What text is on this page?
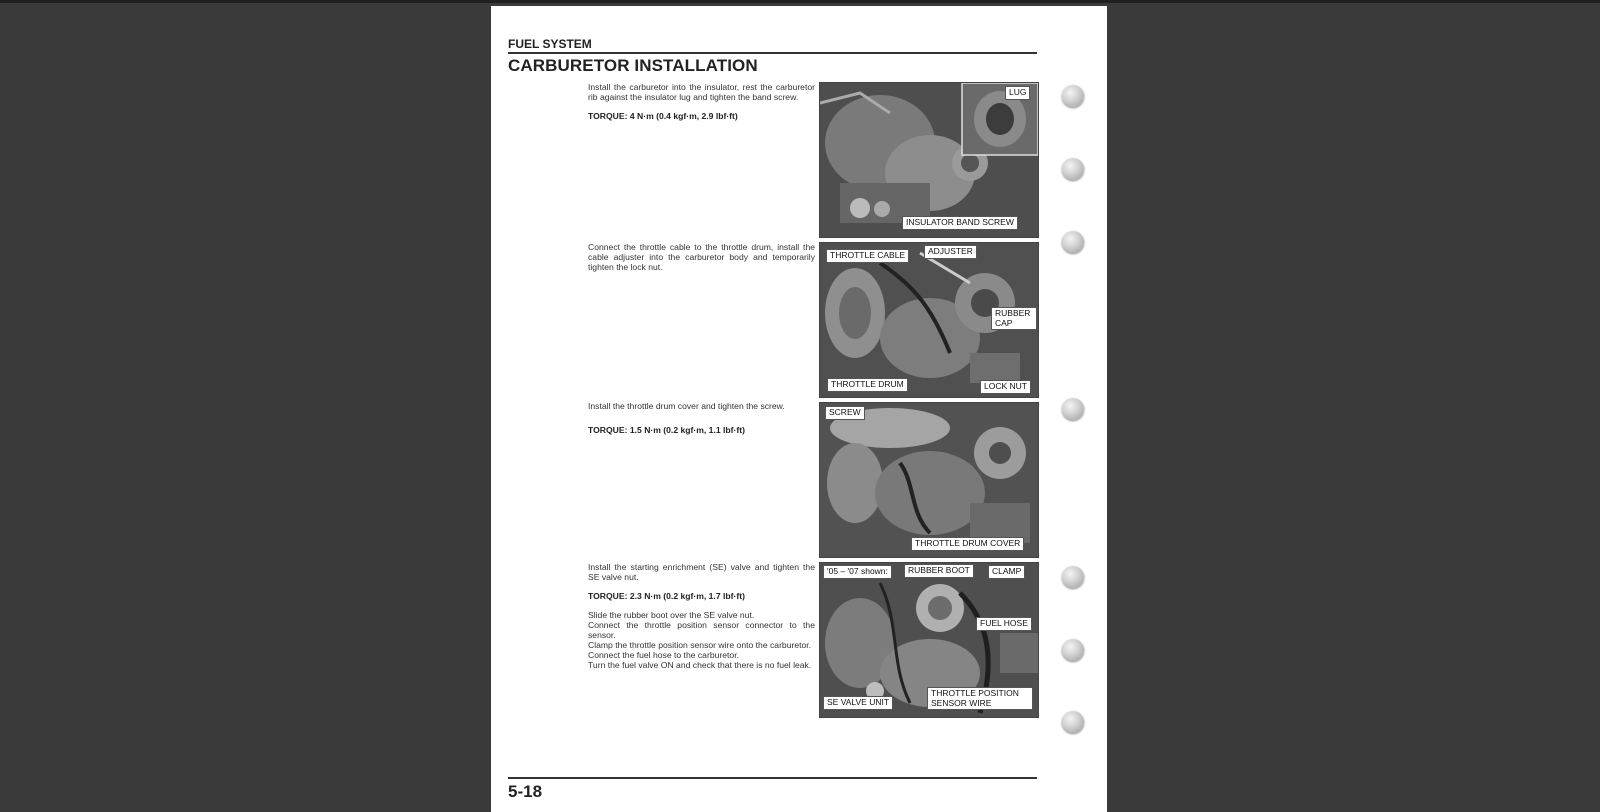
FUEL SYSTEM
CARBURETOR INSTALLATION

Install the carburetor into the insulator, rest the carburetor rib against the insulator lug and tighten the band screw.

TORQUE: 4 N·m (0.4 kgf·m, 2.9 lbf·ft)

LUG
INSULATOR BAND SCREW

Connect the throttle cable to the throttle drum, install the cable adjuster into the carburetor body and temporarily tighten the lock nut.

THROTTLE CABLE	ADJUSTER
RUBBER CAP
THROTTLE DRUM	LOCK NUT

Install the throttle drum cover and tighten the screw.

TORQUE: 1.5 N·m (0.2 kgf·m, 1.1 lbf·ft)

SCREW
THROTTLE DRUM COVER

Install the starting enrichment (SE) valve and tighten the SE valve nut.

TORQUE: 2.3 N·m (0.2 kgf·m, 1.7 lbf·ft)

Slide the rubber boot over the SE valve nut.
Connect the throttle position sensor connector to the sensor.
Clamp the throttle position sensor wire onto the carburetor.
Connect the fuel hose to the carburetor.
Turn the fuel valve ON and check that there is no fuel leak.
'05 – '07 shown:	RUBBER BOOT	CLAMP
FUEL HOSE
SE VALVE UNIT
THROTTLE POSITION SENSOR WIRE
5-18
